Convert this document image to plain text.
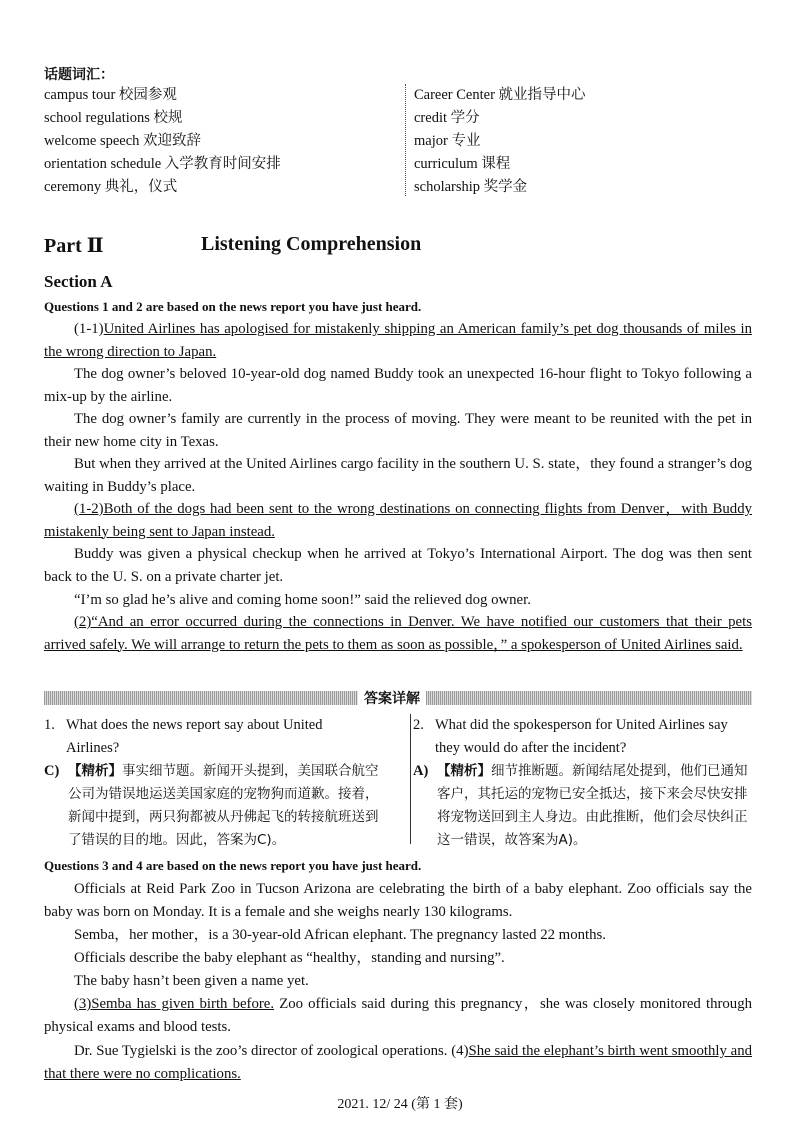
话题词汇：
campus tour 校园参观
school regulations 校规
welcome speech 欢迎致辞
orientation schedule 入学教育时间安排
ceremony 典礼，仪式
Career Center 就业指导中心
credit 学分
major 专业
curriculum 课程
scholarship 奖学金
Part Ⅱ	Listening Comprehension
Section A
Questions 1 and 2 are based on the news report you have just heard.
(1-1)United Airlines has apologised for mistakenly shipping an American family’s pet dog thousands of miles in the wrong direction to Japan.
The dog owner’s beloved 10-year-old dog named Buddy took an unexpected 16-hour flight to Tokyo following a mix-up by the airline.
The dog owner’s family are currently in the process of moving. They were meant to be reunited with the pet in their new home city in Texas.
But when they arrived at the United Airlines cargo facility in the southern U. S. state，they found a stranger’s dog waiting in Buddy’s place.
(1-2)Both of the dogs had been sent to the wrong destinations on connecting flights from Denver，with Buddy mistakenly being sent to Japan instead.
Buddy was given a physical checkup when he arrived at Tokyo’s International Airport. The dog was then sent back to the U. S. on a private charter jet.
“I’m so glad he’s alive and coming home soon!” said the relieved dog owner.
(2)“And an error occurred during the connections in Denver. We have notified our customers that their pets arrived safely. We will arrange to return the pets to them as soon as possible，” a spokesperson of United Airlines said.
答案详解
1. What does the news report say about United
Airlines?
C) 【精析】事实细节题。新闻开头提到，美国联合航空公司为错误地运送美国家庭的宠物狗而道歉。接着，新闻中提到，两只狗都被从丹佛起飞的转接航班送到了错误的目的地。因此，答案为C)。
2. What did the spokesperson for United Airlines say
they would do after the incident?
A) 【精析】细节推断题。新闻结尾处提到，他们已通知客户，其托运的宠物已安全抵达，接下来会尽快安排将宠物送回到主人身边。由此推断，他们会尽快纠正这一错误，故答案为A)。
Questions 3 and 4 are based on the news report you have just heard.
Officials at Reid Park Zoo in Tucson Arizona are celebrating the birth of a baby elephant. Zoo officials say the baby was born on Monday. It is a female and she weighs nearly 130 kilograms.
Semba，her mother，is a 30-year-old African elephant. The pregnancy lasted 22 months.
Officials describe the baby elephant as “healthy，standing and nursing”.
The baby hasn’t been given a name yet.
(3)Semba has given birth before. Zoo officials said during this pregnancy，she was closely monitored through physical exams and blood tests.
Dr. Sue Tygielski is the zoo’s director of zoological operations. (4)She said the elephant’s birth went smoothly and that there were no complications.
2021. 12/ 24 (第 1 套)
